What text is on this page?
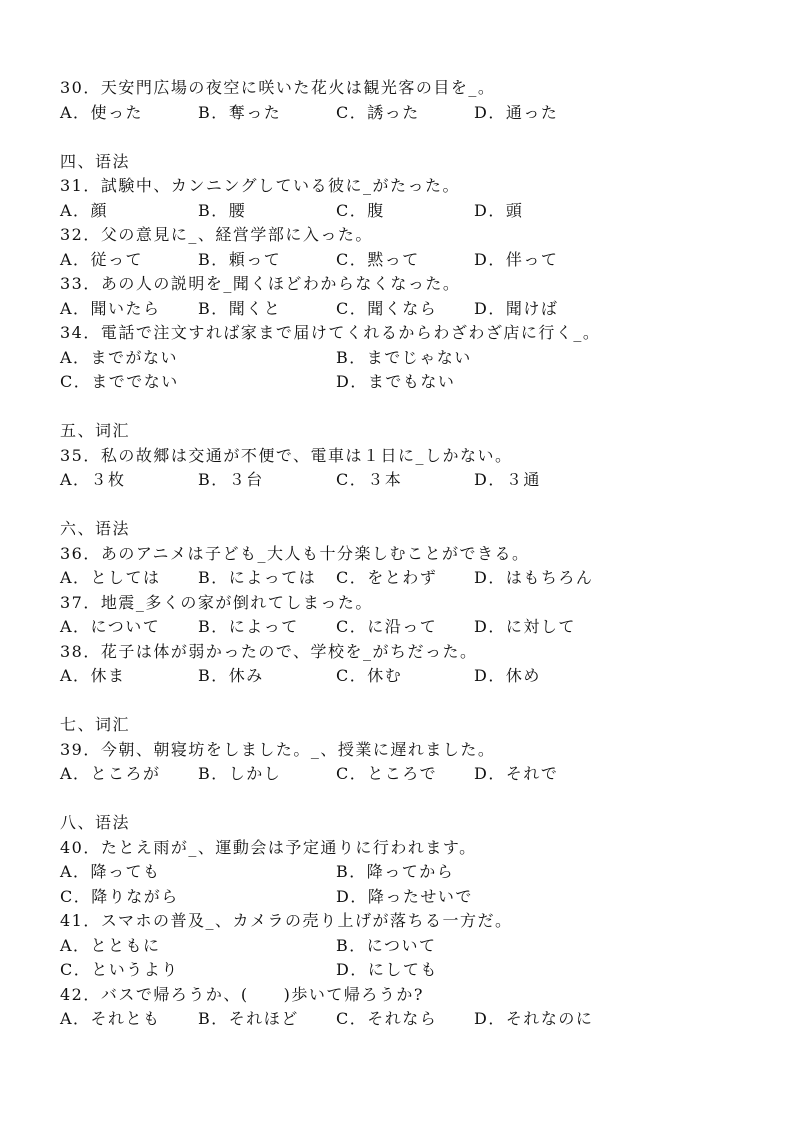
30．天安門広場の夜空に咲いた花火は観光客の目を_。
A．使った	B．奪った	C．誘った	D．通った
四、语法
31．試験中、カンニングしている彼に_がたった。
A．顔	B．腰	C．腹	D．頭
32．父の意見に_、経営学部に入った。
A．従って	B．頼って	C．黙って	D．伴って
33．あの人の説明を_聞くほどわからなくなった。
A．聞いたら	B．聞くと	C．聞くなら	D．聞けば
34．電話で注文すれば家まで届けてくれるからわざわざ店に行く_。
A．までがない	B．までじゃない
C．まででない	D．までもない
五、词汇
35．私の故郷は交通が不便で、電車は１日に_しかない。
A．３枚	B．３台	C．３本	D．３通
六、语法
36．あのアニメは子ども_大人も十分楽しむことができる。
A．としては	B．によっては	C．をとわず	D．はもちろん
37．地震_多くの家が倒れてしまった。
A．について	B．によって	C．に沿って	D．に対して
38．花子は体が弱かったので、学校を_がちだった。
A．休ま	B．休み	C．休む	D．休め
七、词汇
39．今朝、朝寝坊をしました。_、授業に遅れました。
A．ところが	B．しかし	C．ところで	D．それで
八、语法
40．たとえ雨が_、運動会は予定通りに行われます。
A．降っても	B．降ってから
C．降りながら	D．降ったせいで
41．スマホの普及_、カメラの売り上げが落ちる一方だ。
A．とともに	B．について
C．というより	D．にしても
42．バスで帰ろうか、(　　)歩いて帰ろうか?
A．それとも	B．それほど	C．それなら	D．それなのに
